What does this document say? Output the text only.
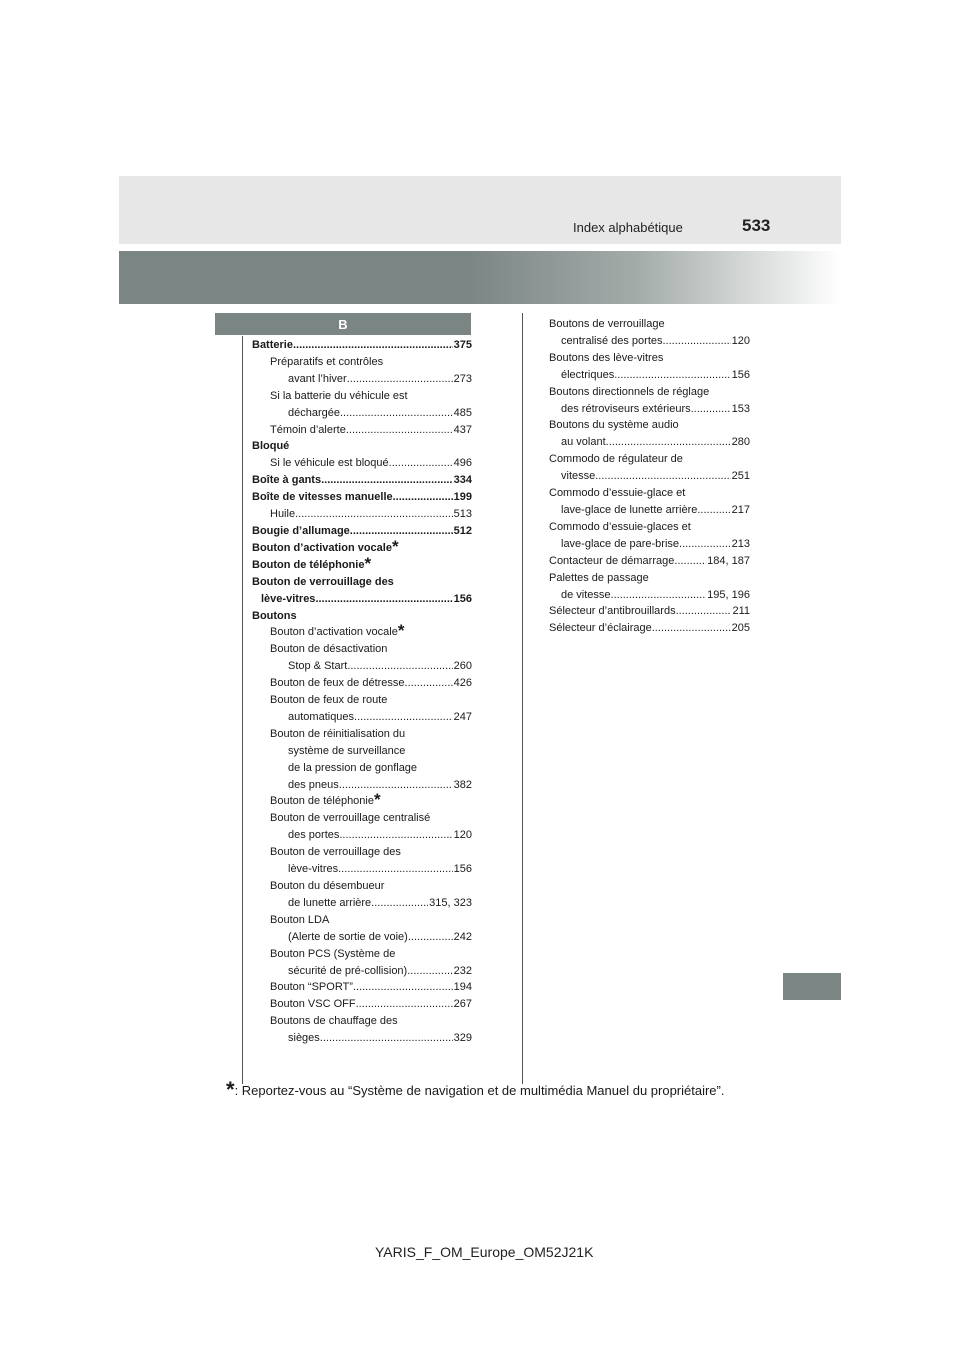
Index alphabétique	533
B
Batterie .....	375
Préparatifs et contrôles
avant l’hiver .....	273
Si la batterie du véhicule est
déchargée .....	485
Témoin d’alerte .....	437
Bloqué
Si le véhicule est bloqué .....	496
Boîte à gants .....	334
Boîte de vitesses manuelle .....	199
Huile .....	513
Bougie d’allumage .....	512
Bouton d’activation vocale*
Bouton de téléphonie*
Bouton de verrouillage des
lève-vitres .....	156
Boutons
Bouton d’activation vocale*
Bouton de désactivation
Stop & Start .....	260
Bouton de feux de détresse .....	426
Bouton de feux de route
automatiques .....	247
Bouton de réinitialisation du
système de surveillance
de la pression de gonflage
des pneus .....	382
Bouton de téléphonie*
Bouton de verrouillage centralisé
des portes .....	120
Bouton de verrouillage des
lève-vitres .....	156
Bouton du désembueur
de lunette arrière .....	315, 323
Bouton LDA
(Alerte de sortie de voie) .....	242
Bouton PCS (Système de
sécurité de pré-collision) .....	232
Bouton “SPORT” .....	194
Bouton VSC OFF .....	267
Boutons de chauffage des
sièges .....	329
Boutons de verrouillage
centralisé des portes .....	120
Boutons des lève-vitres
électriques .....	156
Boutons directionnels de réglage
des rétroviseurs extérieurs .....	153
Boutons du système audio
au volant .....	280
Commodo de régulateur de
vitesse .....	251
Commodo d’essuie-glace et
lave-glace de lunette arrière .....	217
Commodo d’essuie-glaces et
lave-glace de pare-brise .....	213
Contacteur de démarrage .....	184, 187
Palettes de passage
de vitesse .....	195, 196
Sélecteur d’antibrouillards .....	211
Sélecteur d’éclairage .....	205
*: Reportez-vous au “Système de navigation et de multimédia Manuel du propriétaire”.
YARIS_F_OM_Europe_OM52J21K
